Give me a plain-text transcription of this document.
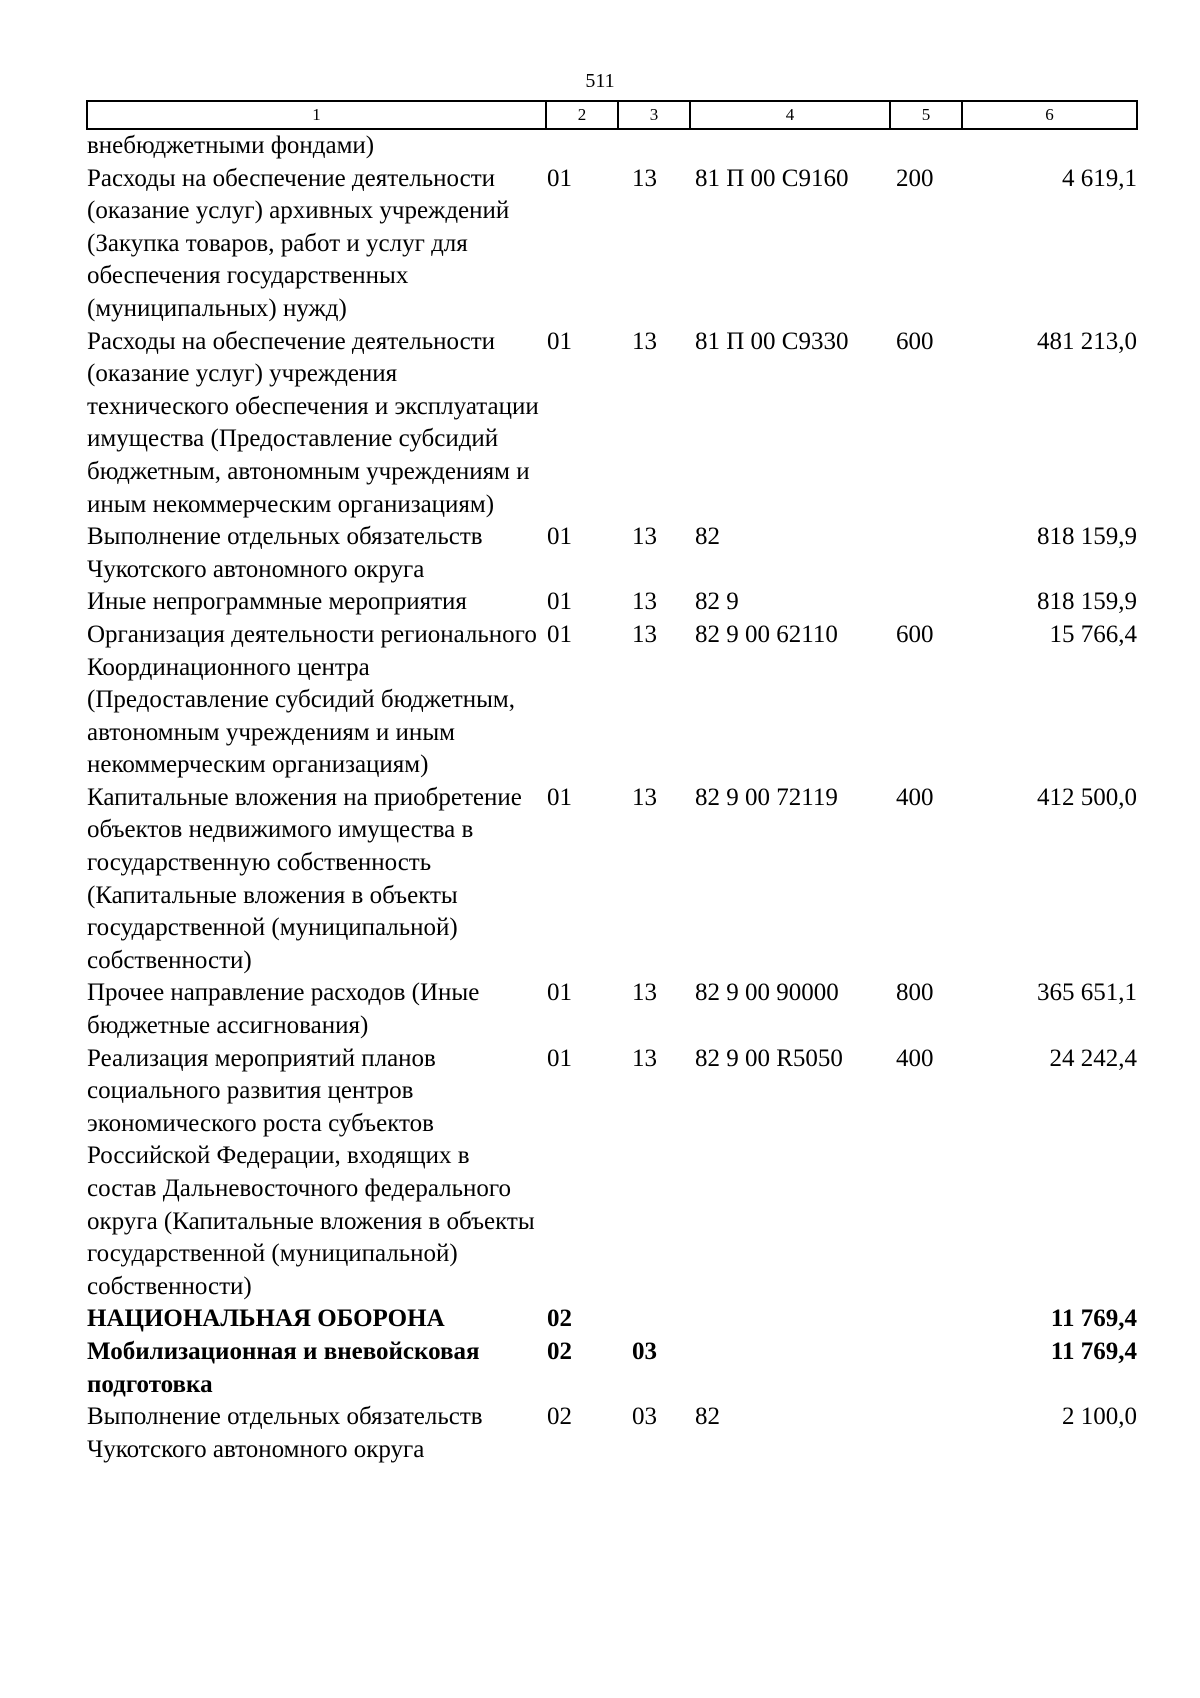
511
1	2	3	4	5	6
внебюджетными фондами)					
Расходы на обеспечение деятельности (оказание услуг) архивных учреждений (Закупка товаров, работ и услуг для обеспечения государственных (муниципальных) нужд)	01	13	81 П 00 С9160	200	4 619,1
Расходы на обеспечение деятельности (оказание услуг) учреждения технического обеспечения и эксплуатации имущества (Предоставление субсидий бюджетным, автономным учреждениям и иным некоммерческим организациям)	01	13	81 П 00 С9330	600	481 213,0
Выполнение отдельных обязательств Чукотского автономного округа	01	13	82		818 159,9
Иные непрограммные мероприятия	01	13	82 9		818 159,9
Организация деятельности регионального Координационного центра (Предоставление субсидий бюджетным, автономным учреждениям и иным некоммерческим организациям)	01	13	82 9 00 62110	600	15 766,4
Капитальные вложения на приобретение объектов недвижимого имущества в государственную собственность (Капитальные вложения в объекты государственной (муниципальной) собственности)	01	13	82 9 00 72119	400	412 500,0
Прочее направление расходов (Иные бюджетные ассигнования)	01	13	82 9 00 90000	800	365 651,1
Реализация мероприятий планов социального развития центров экономического роста субъектов Российской Федерации, входящих в состав Дальневосточного федерального округа (Капитальные вложения в объекты государственной (муниципальной) собственности)	01	13	82 9 00 R5050	400	24 242,4
НАЦИОНАЛЬНАЯ ОБОРОНА	02				11 769,4
Мобилизационная и вневойсковая подготовка	02	03			11 769,4
Выполнение отдельных обязательств Чукотского автономного округа	02	03	82		2 100,0
